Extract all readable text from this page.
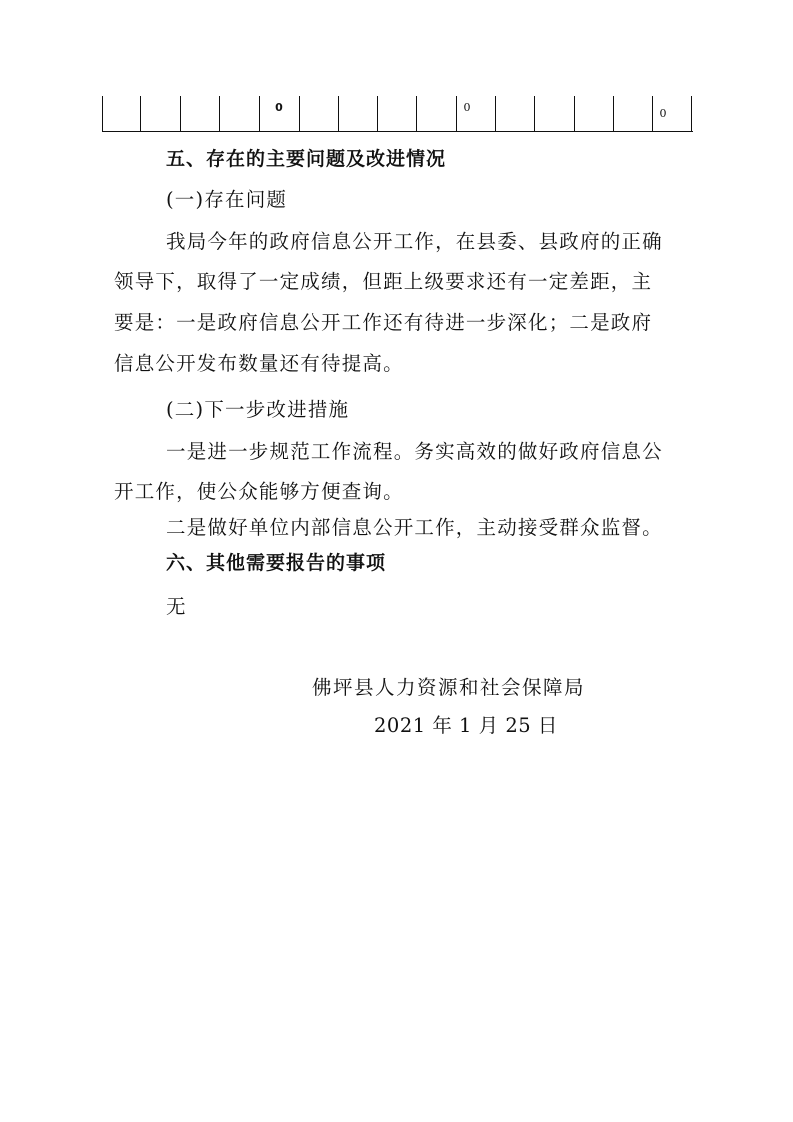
0	0	0
五、存在的主要问题及改进情况
(一)存在问题
我局今年的政府信息公开工作，在县委、县政府的正确
领导下，取得了一定成绩，但距上级要求还有一定差距，主
要是：一是政府信息公开工作还有待进一步深化；二是政府
信息公开发布数量还有待提高。
(二)下一步改进措施
一是进一步规范工作流程。务实高效的做好政府信息公
开工作，使公众能够方便查询。
二是做好单位内部信息公开工作，主动接受群众监督。
六、其他需要报告的事项
无
佛坪县人力资源和社会保障局
2021 年 1 月 25 日
